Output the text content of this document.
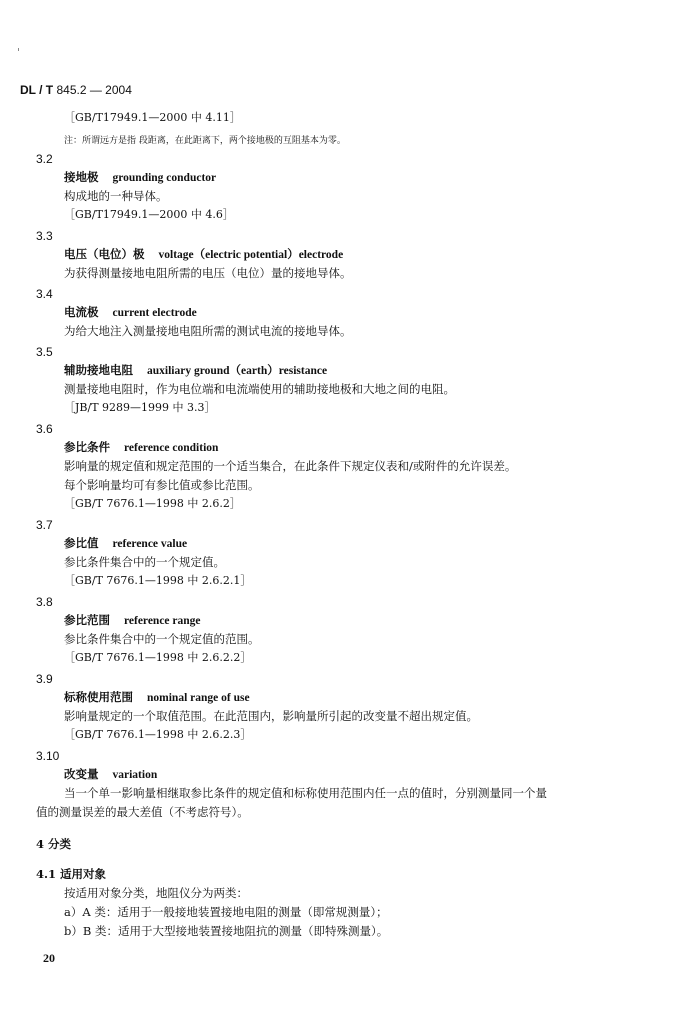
DL / T 845.2 — 2004
［GB/T17949.1—2000 中 4.11］
注：所谓远方是指 段距离，在此距离下，两个接地极的互阻基本为零。
3.2
接地极 grounding conductor
构成地的一种导体。
［GB/T17949.1—2000 中 4.6］
3.3
电压（电位）极 voltage（electric potential）electrode
为获得测量接地电阻所需的电压（电位）量的接地导体。
3.4
电流极 current electrode
为给大地注入测量接地电阻所需的测试电流的接地导体。
3.5
辅助接地电阻 auxiliary ground（earth）resistance
测量接地电阻时，作为电位端和电流端使用的辅助接地极和大地之间的电阻。
［JB/T 9289—1999 中 3.3］
3.6
参比条件 reference condition
影响量的规定值和规定范围的一个适当集合，在此条件下规定仪表和/或附件的允许误差。
每个影响量均可有参比值或参比范围。
［GB/T 7676.1—1998 中 2.6.2］
3.7
参比值 reference value
参比条件集合中的一个规定值。
［GB/T 7676.1—1998 中 2.6.2.1］
3.8
参比范围 reference range
参比条件集合中的一个规定值的范围。
［GB/T 7676.1—1998 中 2.6.2.2］
3.9
标称使用范围 nominal range of use
影响量规定的一个取值范围。在此范围内，影响量所引起的改变量不超出规定值。
［GB/T 7676.1—1998 中 2.6.2.3］
3.10
改变量 variation
当一个单一影响量相继取参比条件的规定值和标称使用范围内任一点的值时，分别测量同一个量
值的测量误差的最大差值（不考虑符号）。
4 分类
4.1 适用对象
按适用对象分类，地阻仪分为两类：
a）A 类：适用于一般接地装置接地电阻的测量（即常规测量）；
b）B 类：适用于大型接地装置接地阻抗的测量（即特殊测量）。
20
